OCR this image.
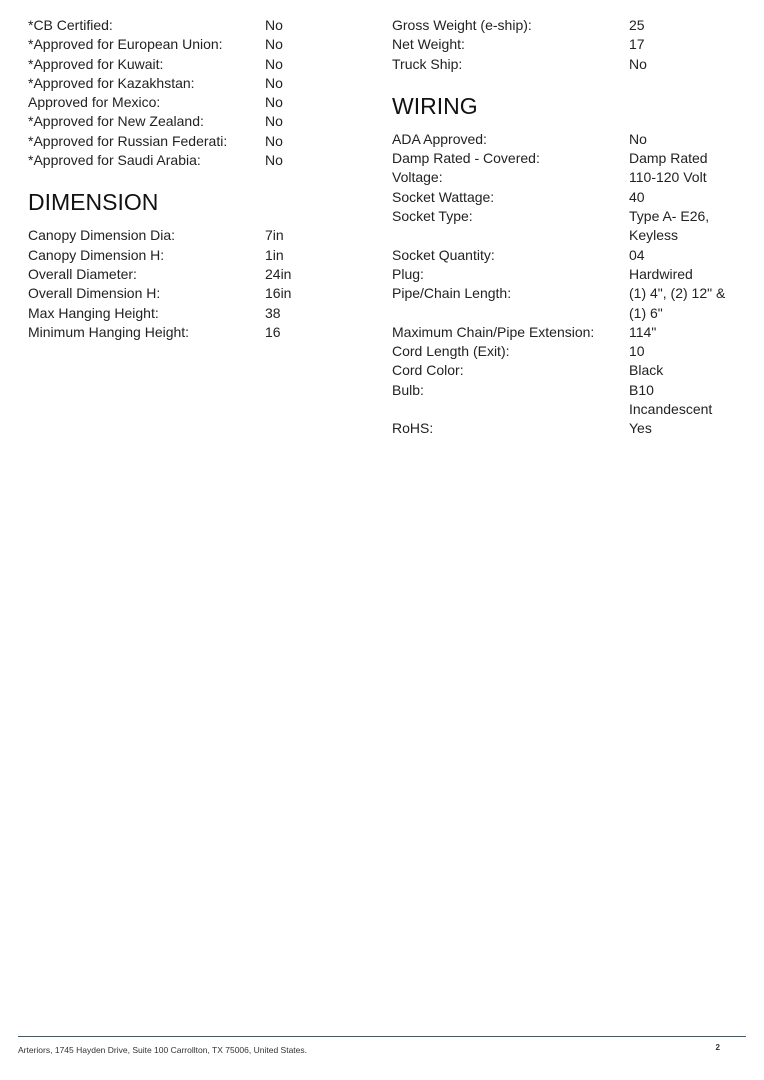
*CB Certified:	No
*Approved for European Union:	No
*Approved for Kuwait:	No
*Approved for Kazakhstan:	No
Approved for Mexico:	No
*Approved for New Zealand:	No
*Approved for Russian Federati:	No
*Approved for Saudi Arabia:	No
DIMENSION
Canopy Dimension Dia:	7in
Canopy Dimension H:	1in
Overall Diameter:	24in
Overall Dimension H:	16in
Max Hanging Height:	38
Minimum Hanging Height:	16
Gross Weight (e-ship):	25
Net Weight:	17
Truck Ship:	No
WIRING
ADA Approved:	No
Damp Rated - Covered:	Damp Rated
Voltage:	110-120 Volt
Socket Wattage:	40
Socket Type:	Type A- E26,
Keyless
Socket Quantity:	04
Plug:	Hardwired
Pipe/Chain Length:	(1) 4", (2) 12" &
(1) 6"
Maximum Chain/Pipe Extension:	114"
Cord Length (Exit):	10
Cord Color:	Black
Bulb:	B10
Incandescent
RoHS:	Yes
Arteriors, 1745 Hayden Drive, Suite 100 Carrollton, TX 75006, United States.	2
